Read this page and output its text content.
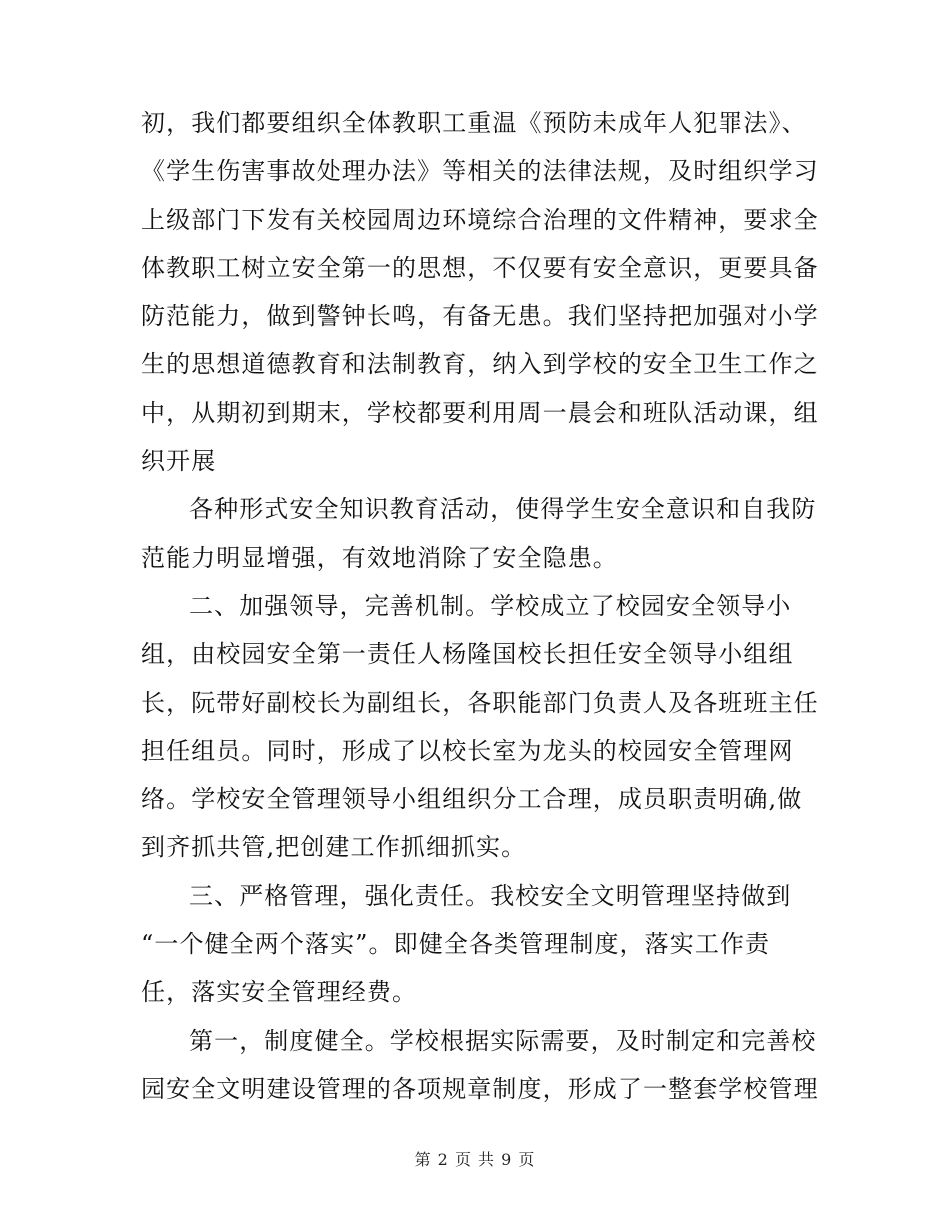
初，我们都要组织全体教职工重温《预防未成年人犯罪法》、
《学生伤害事故处理办法》等相关的法律法规，及时组织学习
上级部门下发有关校园周边环境综合治理的文件精神，要求全
体教职工树立安全第一的思想，不仅要有安全意识，更要具备
防范能力，做到警钟长鸣，有备无患。我们坚持把加强对小学
生的思想道德教育和法制教育，纳入到学校的安全卫生工作之
中，从期初到期末，学校都要利用周一晨会和班队活动课，组
织开展
各种形式安全知识教育活动，使得学生安全意识和自我防
范能力明显增强，有效地消除了安全隐患。
二、加强领导，完善机制。学校成立了校园安全领导小
组，由校园安全第一责任人杨隆国校长担任安全领导小组组
长，阮带好副校长为副组长，各职能部门负责人及各班班主任
担任组员。同时，形成了以校长室为龙头的校园安全管理网
络。学校安全管理领导小组组织分工合理，成员职责明确,做
到齐抓共管,把创建工作抓细抓实。
三、严格管理，强化责任。我校安全文明管理坚持做到
“一个健全两个落实”。即健全各类管理制度，落实工作责
任，落实安全管理经费。
第一，制度健全。学校根据实际需要，及时制定和完善校
园安全文明建设管理的各项规章制度，形成了一整套学校管理
第 2 页 共 9 页
